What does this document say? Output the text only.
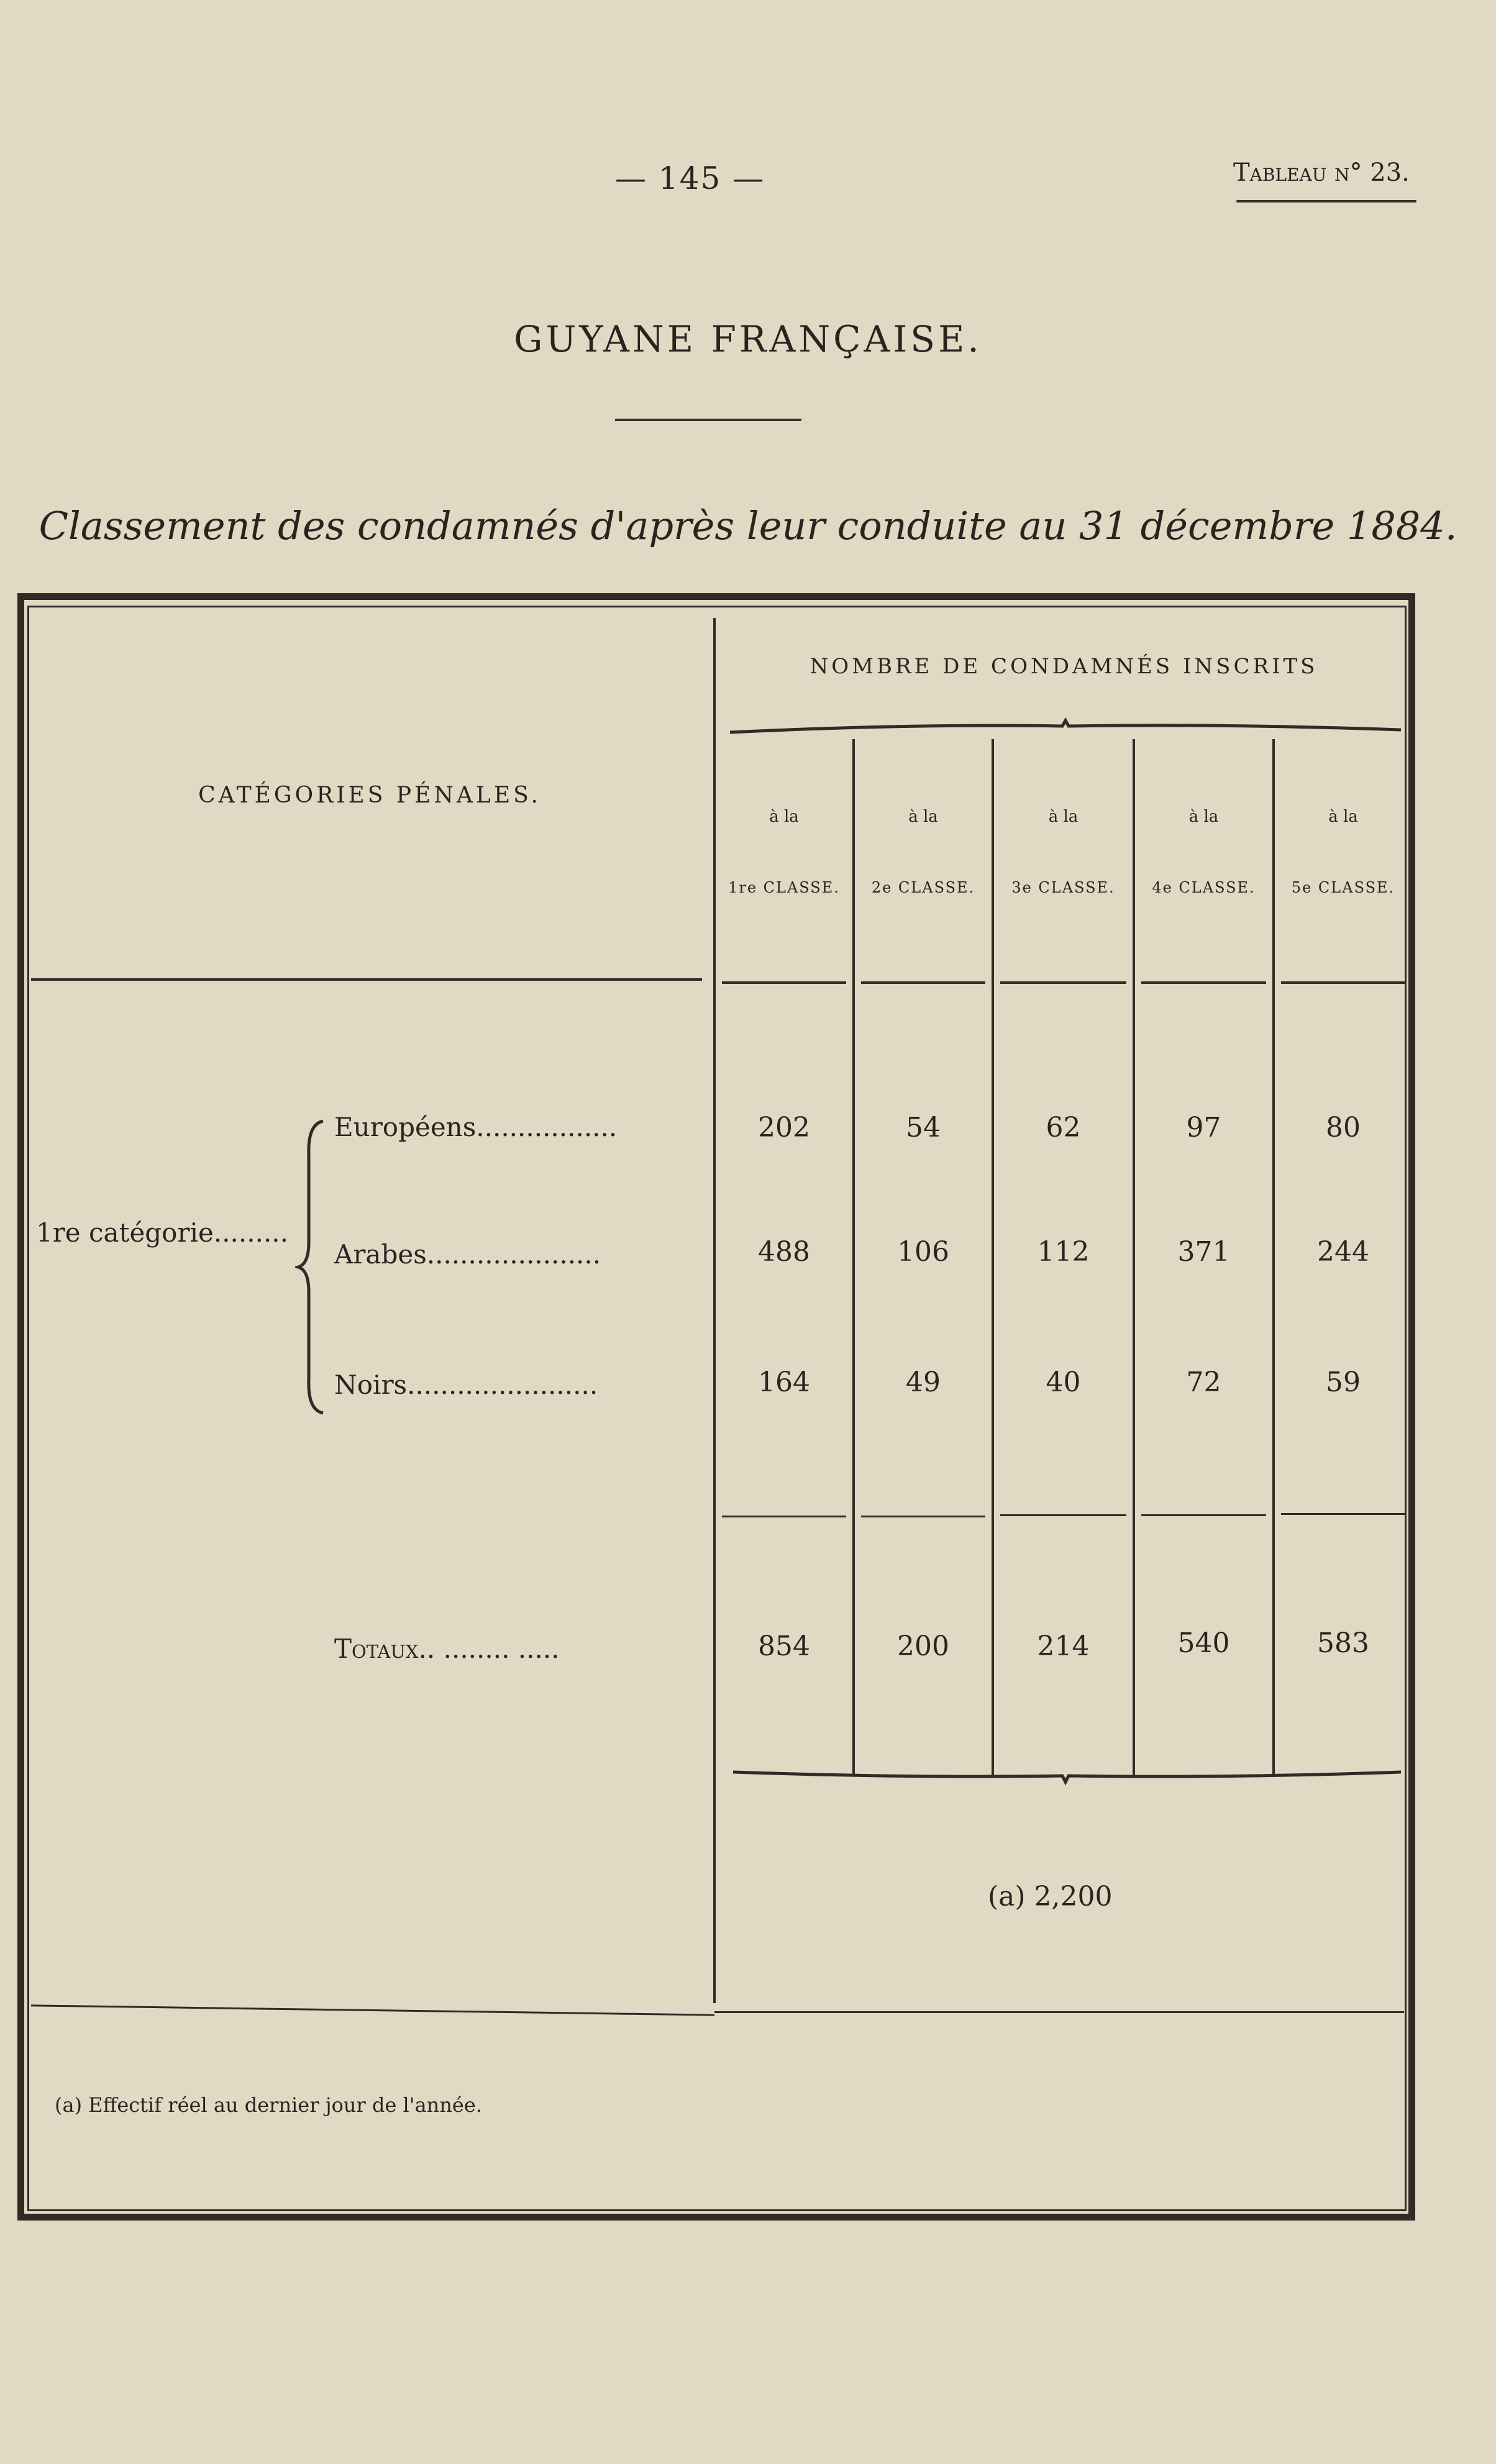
— 145 —	Tableau n° 23.
GUYANE FRANÇAISE.
Classement des condamnés d'après leur conduite au 31 décembre 1884.
NOMBRE DE CONDAMNÉS INSCRITS
CATÉGORIES PÉNALES.
à la	à la	à la	à la	à la
1re CLASSE.	2e CLASSE.	3e CLASSE.	4e CLASSE.	5e CLASSE.
1re catégorie.........
Européens.................	202	54	62	97	80
Arabes.....................	488	106	112	371	244
Noirs.......................	164	49	40	72	59
Totaux.. ........ .....	854	200	214	540	583
(a) 2,200
(a) Effectif réel au dernier jour de l'année.
